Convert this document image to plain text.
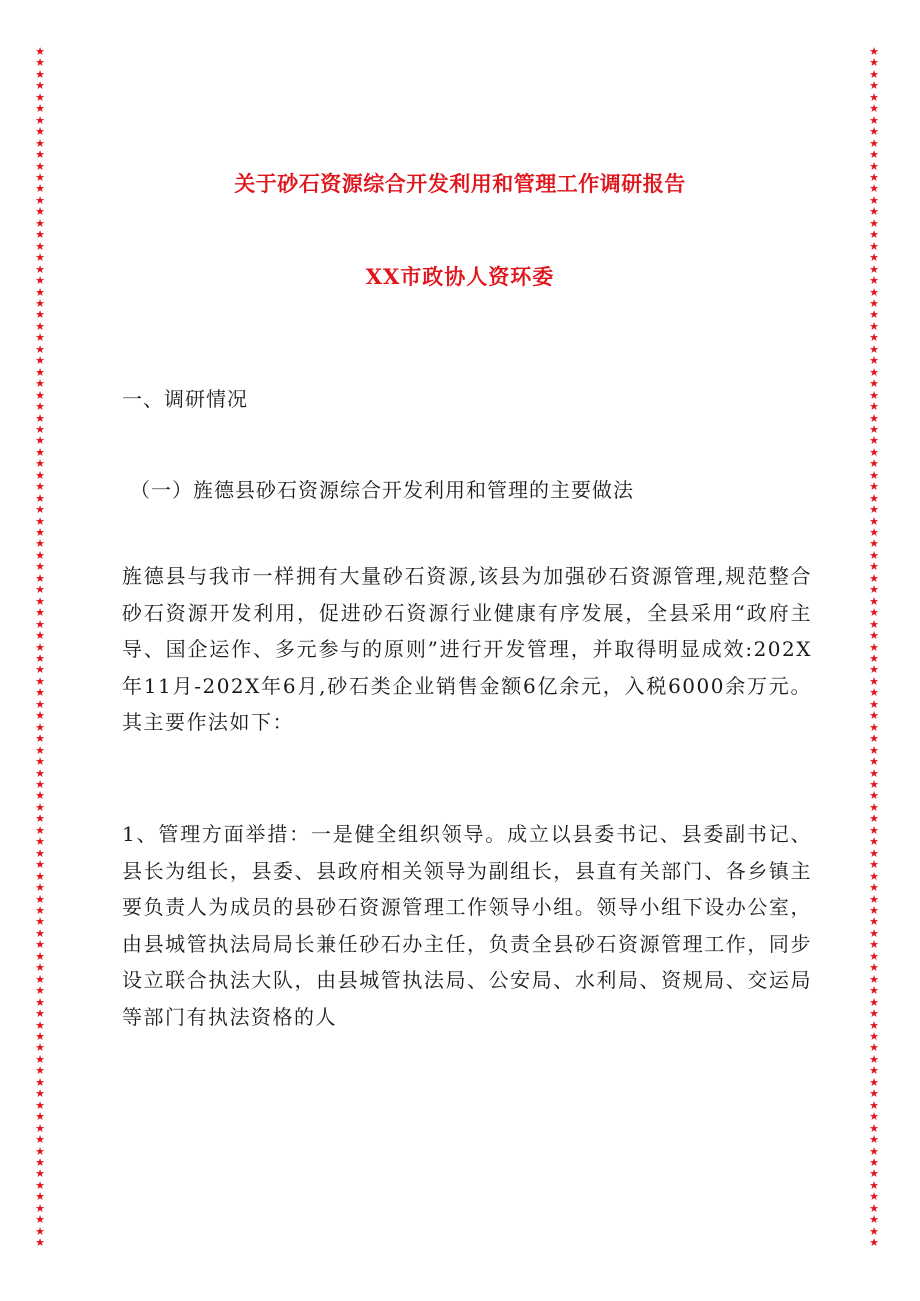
★
★
★
★
★
★
★
★
★
★
★
★
★
★
★
★
★
★
★
★
★
★
★
★
★
★
★
★
★
★
★
★
★
★
★
★
★
★
★
★
★
★
★
★
★
★
★
★
★
★
★
★
★
★
★
★
★
★
★
★
★
★
★
★
★
★
★
★
★
★
★
★
★
★
★
★
★
★
★
★
★
★
★
★
★
★
★
★
★
★
★
★
★
★
★
★
★
★
★
★
★
★
★
★
★
★
★
★
★
★
★
★
★
★
★
★
★
★
★
★
★
★
★
★
★
★
★
★
★
★
★
★
★
★
★
★
★
★
★
★
★
★
★
★
★
★
★
★
★
★
★
★
★
★
★
★
★
★
★
★
★
★
★
★
★
★
★
★
★
★
★
★
★
★
★
★
★
★
★
★
★
★
★
★
★
★
★
★
★
★
★
★
★
★
★
★
★
★
★
★
★
★
★
★
★
★
★
★
★
★
关于砂石资源综合开发利用和管理工作调研报告
XX市政协人资环委
一、调研情况
（一）旌德县砂石资源综合开发利用和管理的主要做法

旌德县与我市一样拥有大量砂石资源,该县为加强砂石资源管理,规范整合砂石资源开发利用，促进砂石资源行业健康有序发展，全县采用“政府主导、国企运作、多元参与的原则”进行开发管理，并取得明显成效:202X年11月-202X年6月,砂石类企业销售金额6亿余元，入税6000余万元。其主要作法如下：

1、管理方面举措：一是健全组织领导。成立以县委书记、县委副书记、县长为组长，县委、县政府相关领导为副组长，县直有关部门、各乡镇主要负责人为成员的县砂石资源管理工作领导小组。领导小组下设办公室，由县城管执法局局长兼任砂石办主任，负责全县砂石资源管理工作，同步设立联合执法大队，由县城管执法局、公安局、水利局、资规局、交运局等部门有执法资格的人
